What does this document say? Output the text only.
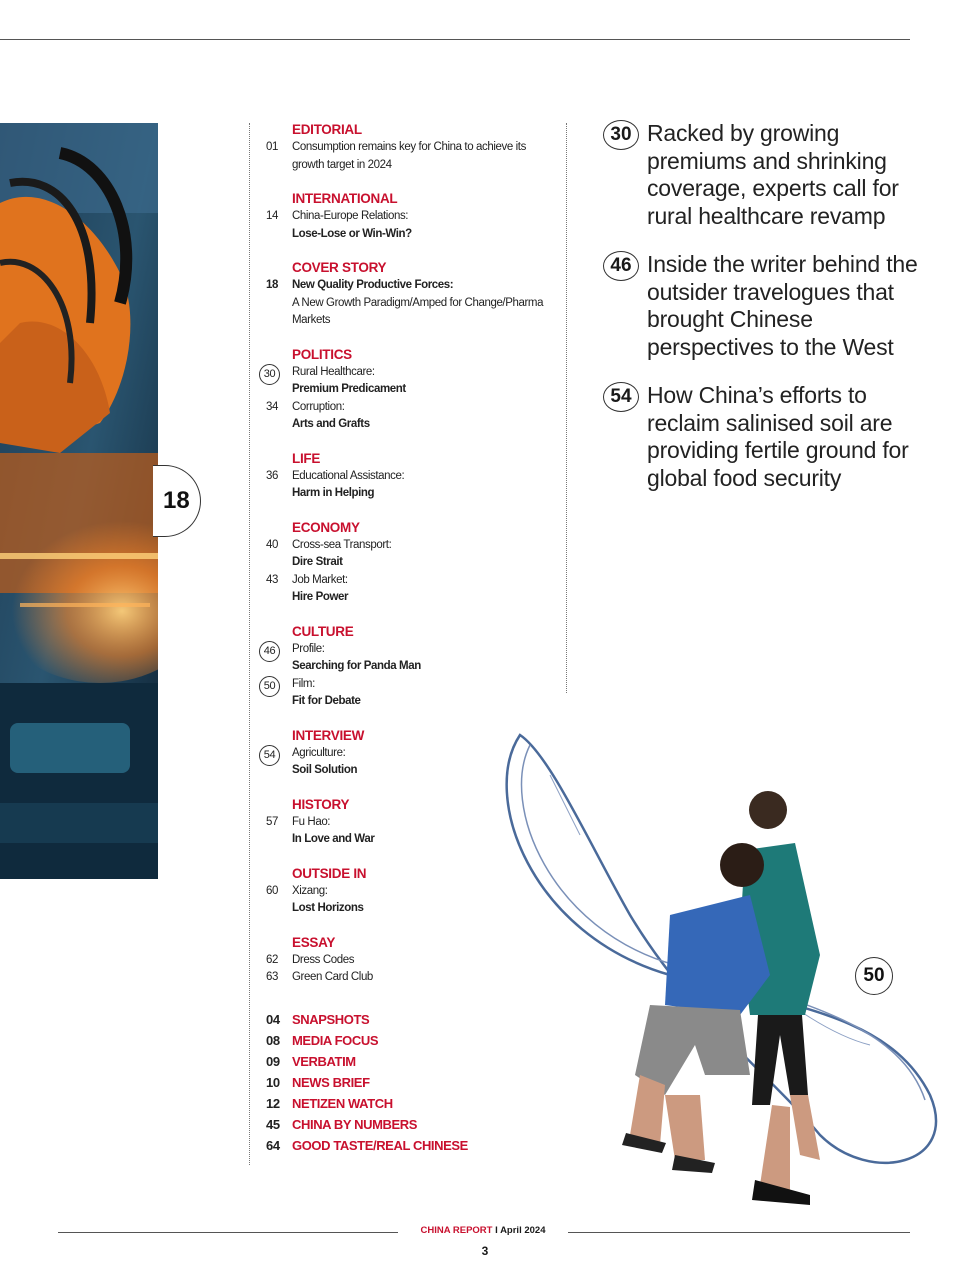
18
EDITORIAL
01	Consumption remains key for China to achieve its growth target in 2024
INTERNATIONAL
14	China-Europe Relations:
Lose-Lose or Win-Win?
COVER STORY
18	New Quality Productive Forces:
A New Growth Paradigm/Amped for Change/Pharma Markets
POLITICS
30	Rural Healthcare:
Premium Predicament
34	Corruption:
Arts and Grafts
LIFE
36	Educational Assistance:
Harm in Helping
ECONOMY
40	Cross-sea Transport:
Dire Strait
43	Job Market:
Hire Power
CULTURE
46	Profile:
Searching for Panda Man
50	Film:
Fit for Debate
INTERVIEW
54	Agriculture:
Soil Solution
HISTORY
57	Fu Hao:
In Love and War
OUTSIDE IN
60	Xizang:
Lost Horizons
ESSAY
62	Dress Codes
63	Green Card Club
04 SNAPSHOTS
08 MEDIA FOCUS
09 VERBATIM
10 NEWS BRIEF
12 NETIZEN WATCH
45 CHINA BY NUMBERS
64 GOOD TASTE/REAL CHINESE
30 Racked by growing premiums and shrinking coverage, experts call for rural healthcare revamp
46 Inside the writer behind the outsider travelogues that brought Chinese perspectives to the West
54 How China’s efforts to reclaim salinised soil are providing fertile ground for global food security
50
CHINA REPORT I April 2024
3
